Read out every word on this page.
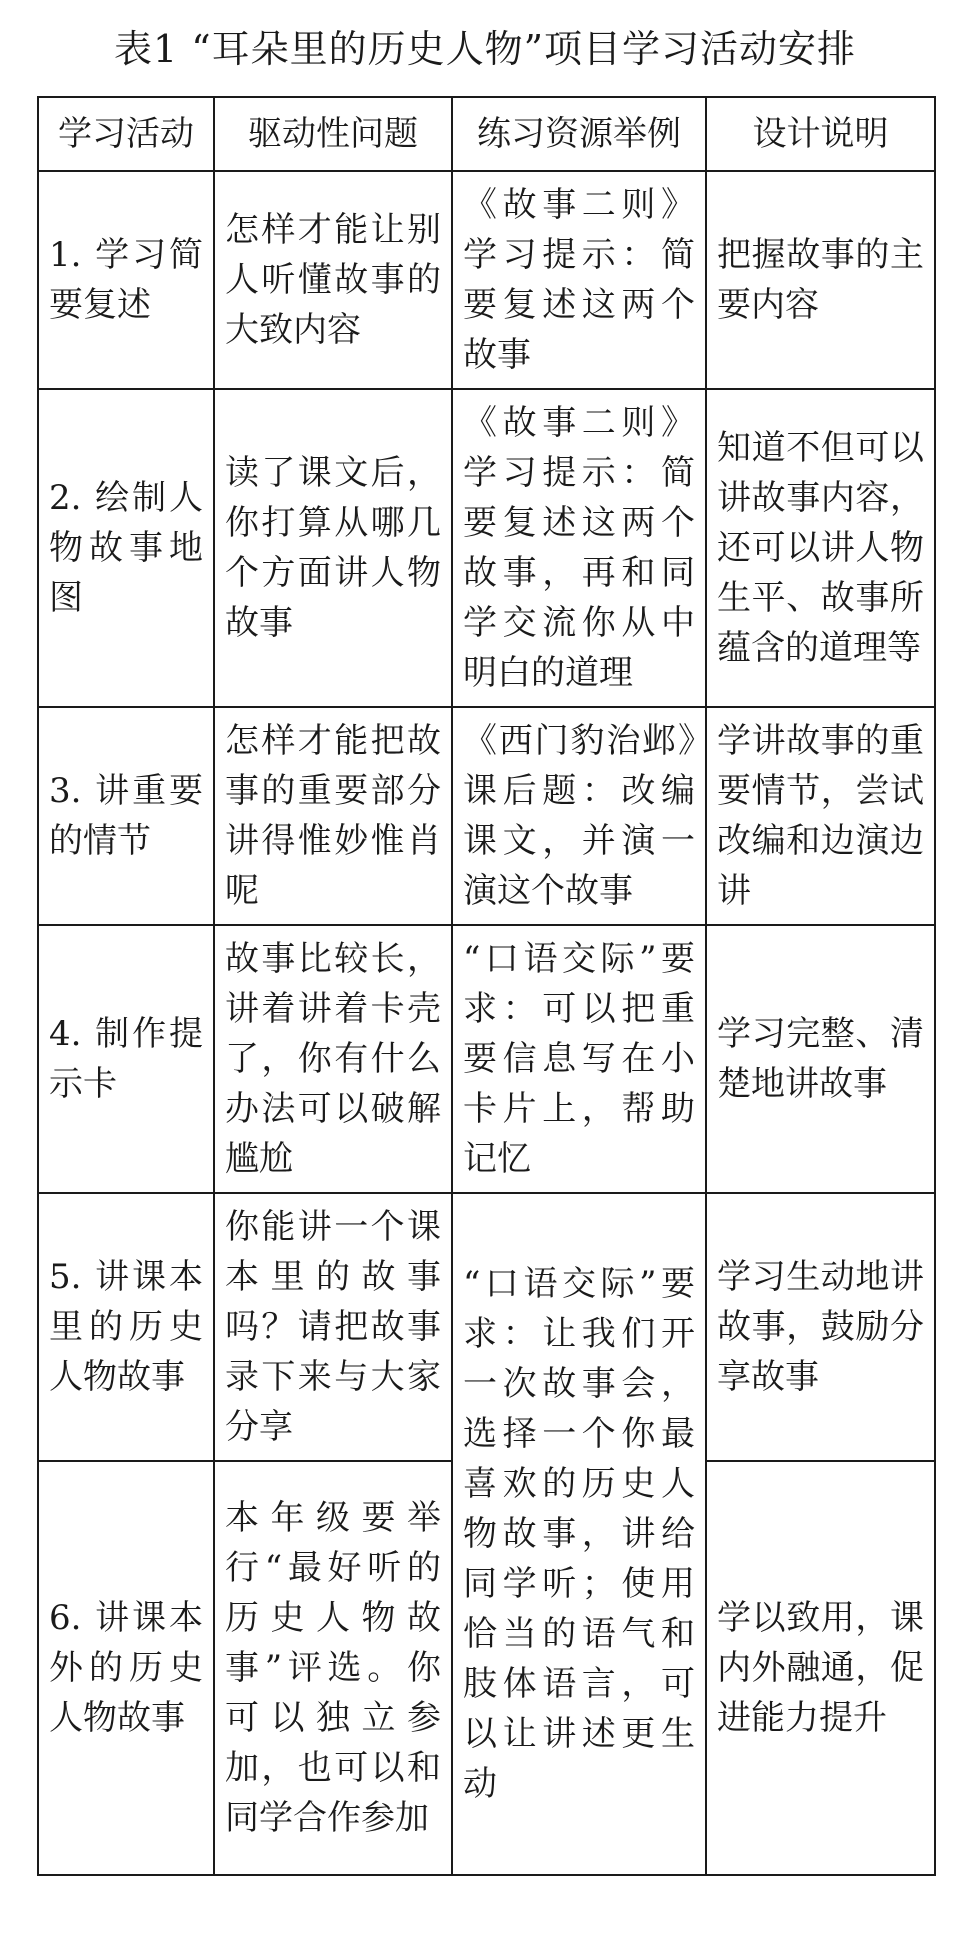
表1 “耳朵里的历史人物”项目学习活动安排
学习活动	驱动性问题	练习资源举例	设计说明
1. 学习简要复述	怎样才能让别人听懂故事的大致内容	《故事二则》学习提示：简要复述这两个故事	把握故事的主要内容
2. 绘制人物故事地图	读了课文后，你打算从哪几个方面讲人物故事	《故事二则》学习提示：简要复述这两个故事，再和同学交流你从中明白的道理	知道不但可以讲故事内容，还可以讲人物生平、故事所蕴含的道理等
3. 讲重要的情节	怎样才能把故事的重要部分讲得惟妙惟肖呢	《西门豹治邺》课后题：改编课文，并演一演这个故事	学讲故事的重要情节，尝试改编和边演边讲
4. 制作提示卡	故事比较长，讲着讲着卡壳了，你有什么办法可以破解尴尬	“口语交际”要求：可以把重要信息写在小卡片上，帮助记忆	学习完整、清楚地讲故事
5. 讲课本里的历史人物故事	你能讲一个课本里的故事吗？请把故事录下来与大家分享	“口语交际”要求：让我们开一次故事会，选择一个你最喜欢的历史人物故事，讲给同学听；使用恰当的语气和肢体语言，可以让讲述更生动	学习生动地讲故事，鼓励分享故事
6. 讲课本外的历史人物故事	本年级要举行“最好听的历史人物故事”评选。你可以独立参加，也可以和同学合作参加		学以致用，课内外融通，促进能力提升
